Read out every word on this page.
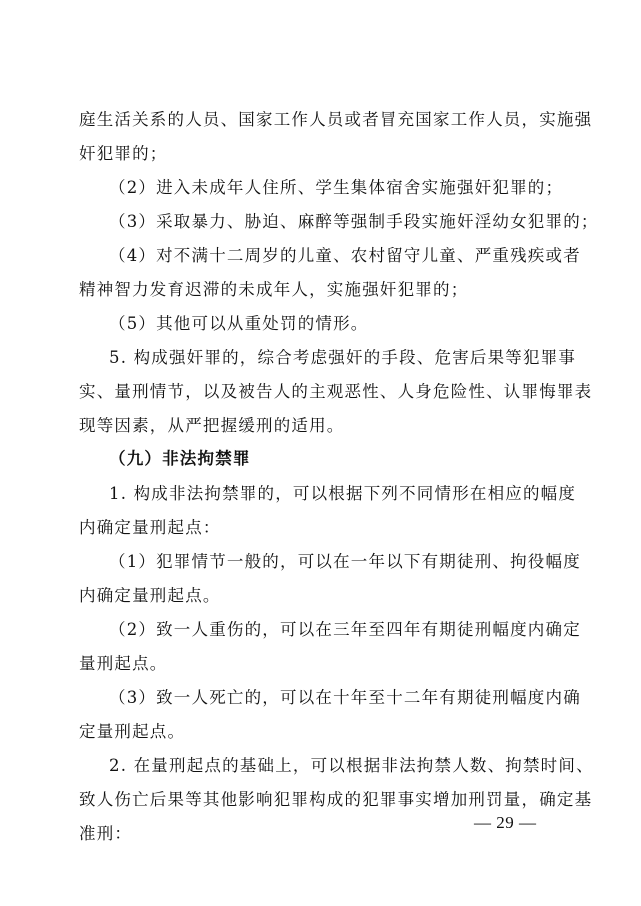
庭生活关系的人员、国家工作人员或者冒充国家工作人员，实施强
奸犯罪的；
（2）进入未成年人住所、学生集体宿舍实施强奸犯罪的；
（3）采取暴力、胁迫、麻醉等强制手段实施奸淫幼女犯罪的；
（4）对不满十二周岁的儿童、农村留守儿童、严重残疾或者
精神智力发育迟滞的未成年人，实施强奸犯罪的；
（5）其他可以从重处罚的情形。
5. 构成强奸罪的，综合考虑强奸的手段、危害后果等犯罪事
实、量刑情节，以及被告人的主观恶性、人身危险性、认罪悔罪表
现等因素，从严把握缓刑的适用。
（九）非法拘禁罪
1. 构成非法拘禁罪的，可以根据下列不同情形在相应的幅度
内确定量刑起点：
（1）犯罪情节一般的，可以在一年以下有期徒刑、拘役幅度
内确定量刑起点。
（2）致一人重伤的，可以在三年至四年有期徒刑幅度内确定
量刑起点。
（3）致一人死亡的，可以在十年至十二年有期徒刑幅度内确
定量刑起点。
2. 在量刑起点的基础上，可以根据非法拘禁人数、拘禁时间、
致人伤亡后果等其他影响犯罪构成的犯罪事实增加刑罚量，确定基
准刑：
— 29 —
